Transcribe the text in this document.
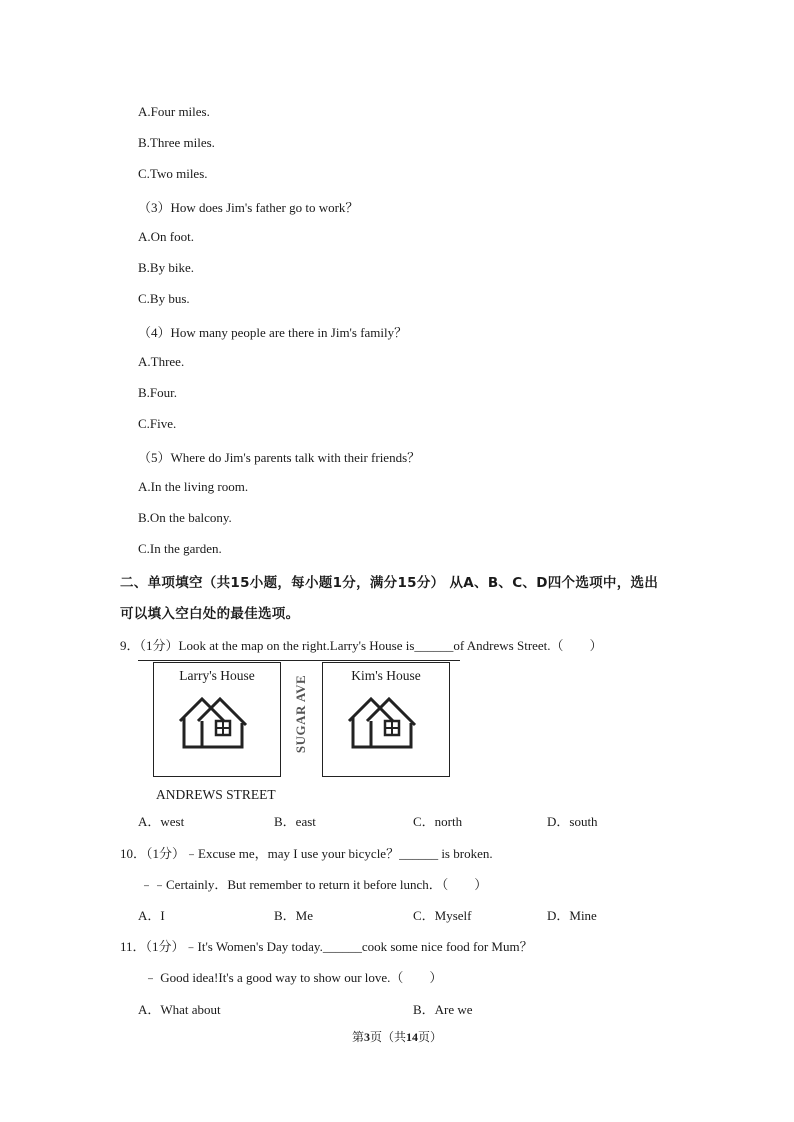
A.Four miles.
B.Three miles.
C.Two miles.
（3）How does Jim's father go to work？
A.On foot.
B.By bike.
C.By bus.
（4）How many people are there in Jim's family？
A.Three.
B.Four.
C.Five.
（5）Where do Jim's parents talk with their friends？
A.In the living room.
B.On the balcony.
C.In the garden.
二、单项填空（共15小题，每小题1分，满分15分） 从A、B、C、D四个选项中，选出
可以填入空白处的最佳选项。
9．（1分）Look at the map on the right.Larry's House is______of Andrews Street.（　　）
Larry's House	SUGAR AVE	Kim's House
ANDREWS STREET
A．west	B．east	C．north	D．south
10．（1分）﹣Excuse me，may I use your bicycle？______ is broken.
﹣﹣Certainly．But remember to return it before lunch．（　　）
A．I	B．Me	C．Myself	D．Mine
11．（1分）﹣It's Women's Day today.______cook some nice food for Mum？
﹣ Good idea!It's a good way to show our love.（　　）
A．What about	B．Are we
第3页（共14页）
